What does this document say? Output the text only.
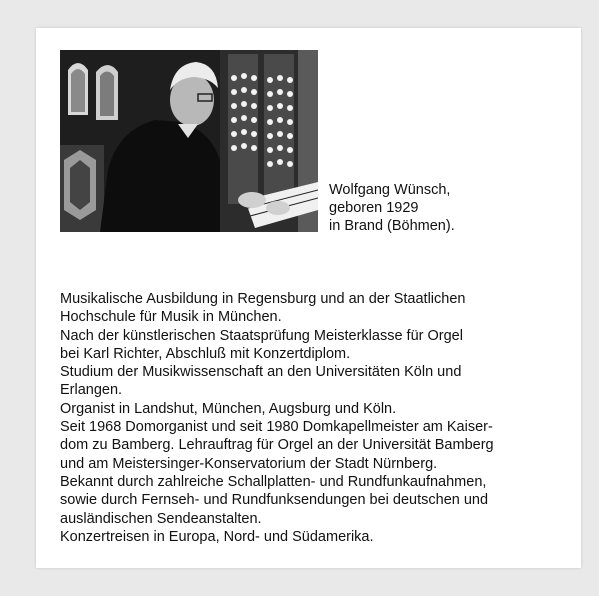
Wolfgang Wünsch,
geboren 1929
in Brand (Böhmen).
Musikalische Ausbildung in Regensburg und an der Staatlichen
Hochschule für Musik in München.
Nach der künstlerischen Staatsprüfung Meisterklasse für Orgel
bei Karl Richter, Abschluß mit Konzertdiplom.
Studium der Musikwissenschaft an den Universitäten Köln und
Erlangen.
Organist in Landshut, München, Augsburg und Köln.
Seit 1968 Domorganist und seit 1980 Domkapellmeister am Kaiser-
dom zu Bamberg. Lehrauftrag für Orgel an der Universität Bamberg
und am Meistersinger-Konservatorium der Stadt Nürnberg.
Bekannt durch zahlreiche Schallplatten- und Rundfunkaufnahmen,
sowie durch Fernseh- und Rundfunksendungen bei deutschen und
ausländischen Sendeanstalten.
Konzertreisen in Europa, Nord- und Südamerika.
